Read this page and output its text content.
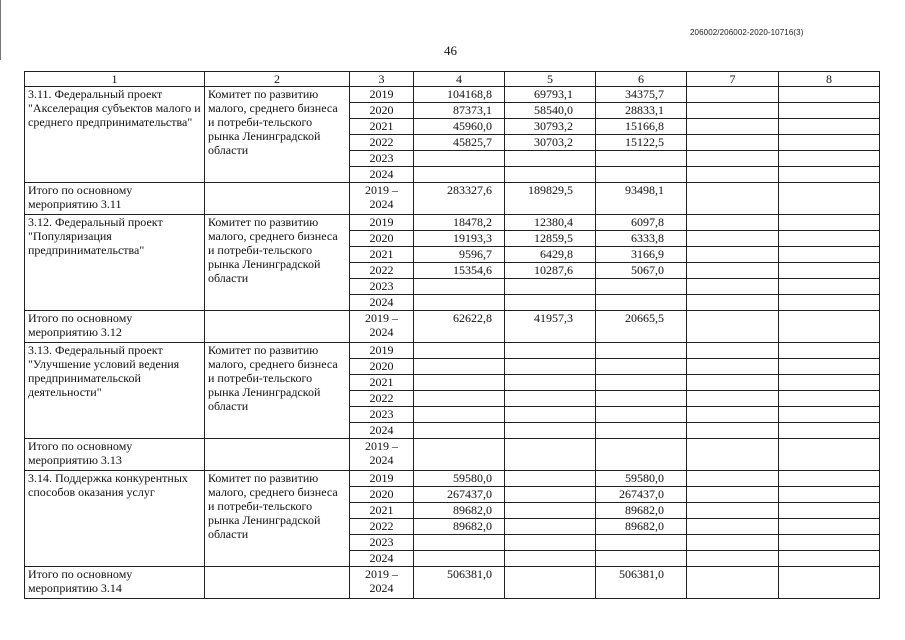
206002/206002-2020-10716(3)
46
1	2	3	4	5	6	7	8
3.11. Федеральный проект "Акселерация субъектов малого и среднего предпринимательства"	Комитет по развитию малого, среднего бизнеса и потреби-тельского рынка Ленинградской области	2019	104168,8	69793,1	34375,7		
		2020	87373,1	58540,0	28833,1		
		2021	45960,0	30793,2	15166,8		
		2022	45825,7	30703,2	15122,5		
		2023					
		2024					
Итого по основному мероприятию 3.11		2019 – 2024	283327,6	189829,5	93498,1		
3.12. Федеральный проект "Популяризация предпринимательства"	Комитет по развитию малого, среднего бизнеса и потреби-тельского рынка Ленинградской области	2019	18478,2	12380,4	6097,8		
		2020	19193,3	12859,5	6333,8		
		2021	9596,7	6429,8	3166,9		
		2022	15354,6	10287,6	5067,0		
		2023					
		2024					
Итого по основному мероприятию 3.12		2019 – 2024	62622,8	41957,3	20665,5		
3.13. Федеральный проект "Улучшение условий ведения предпринимательской деятельности"	Комитет по развитию малого, среднего бизнеса и потреби-тельского рынка Ленинградской области	2019					
		2020					
		2021					
		2022					
		2023					
		2024					
Итого по основному мероприятию 3.13		2019 – 2024					
3.14. Поддержка конкурентных способов оказания услуг	Комитет по развитию малого, среднего бизнеса и потреби-тельского рынка Ленинградской области	2019	59580,0		59580,0		
		2020	267437,0		267437,0		
		2021	89682,0		89682,0		
		2022	89682,0		89682,0		
		2023					
		2024					
Итого по основному мероприятию 3.14		2019 – 2024	506381,0		506381,0		
